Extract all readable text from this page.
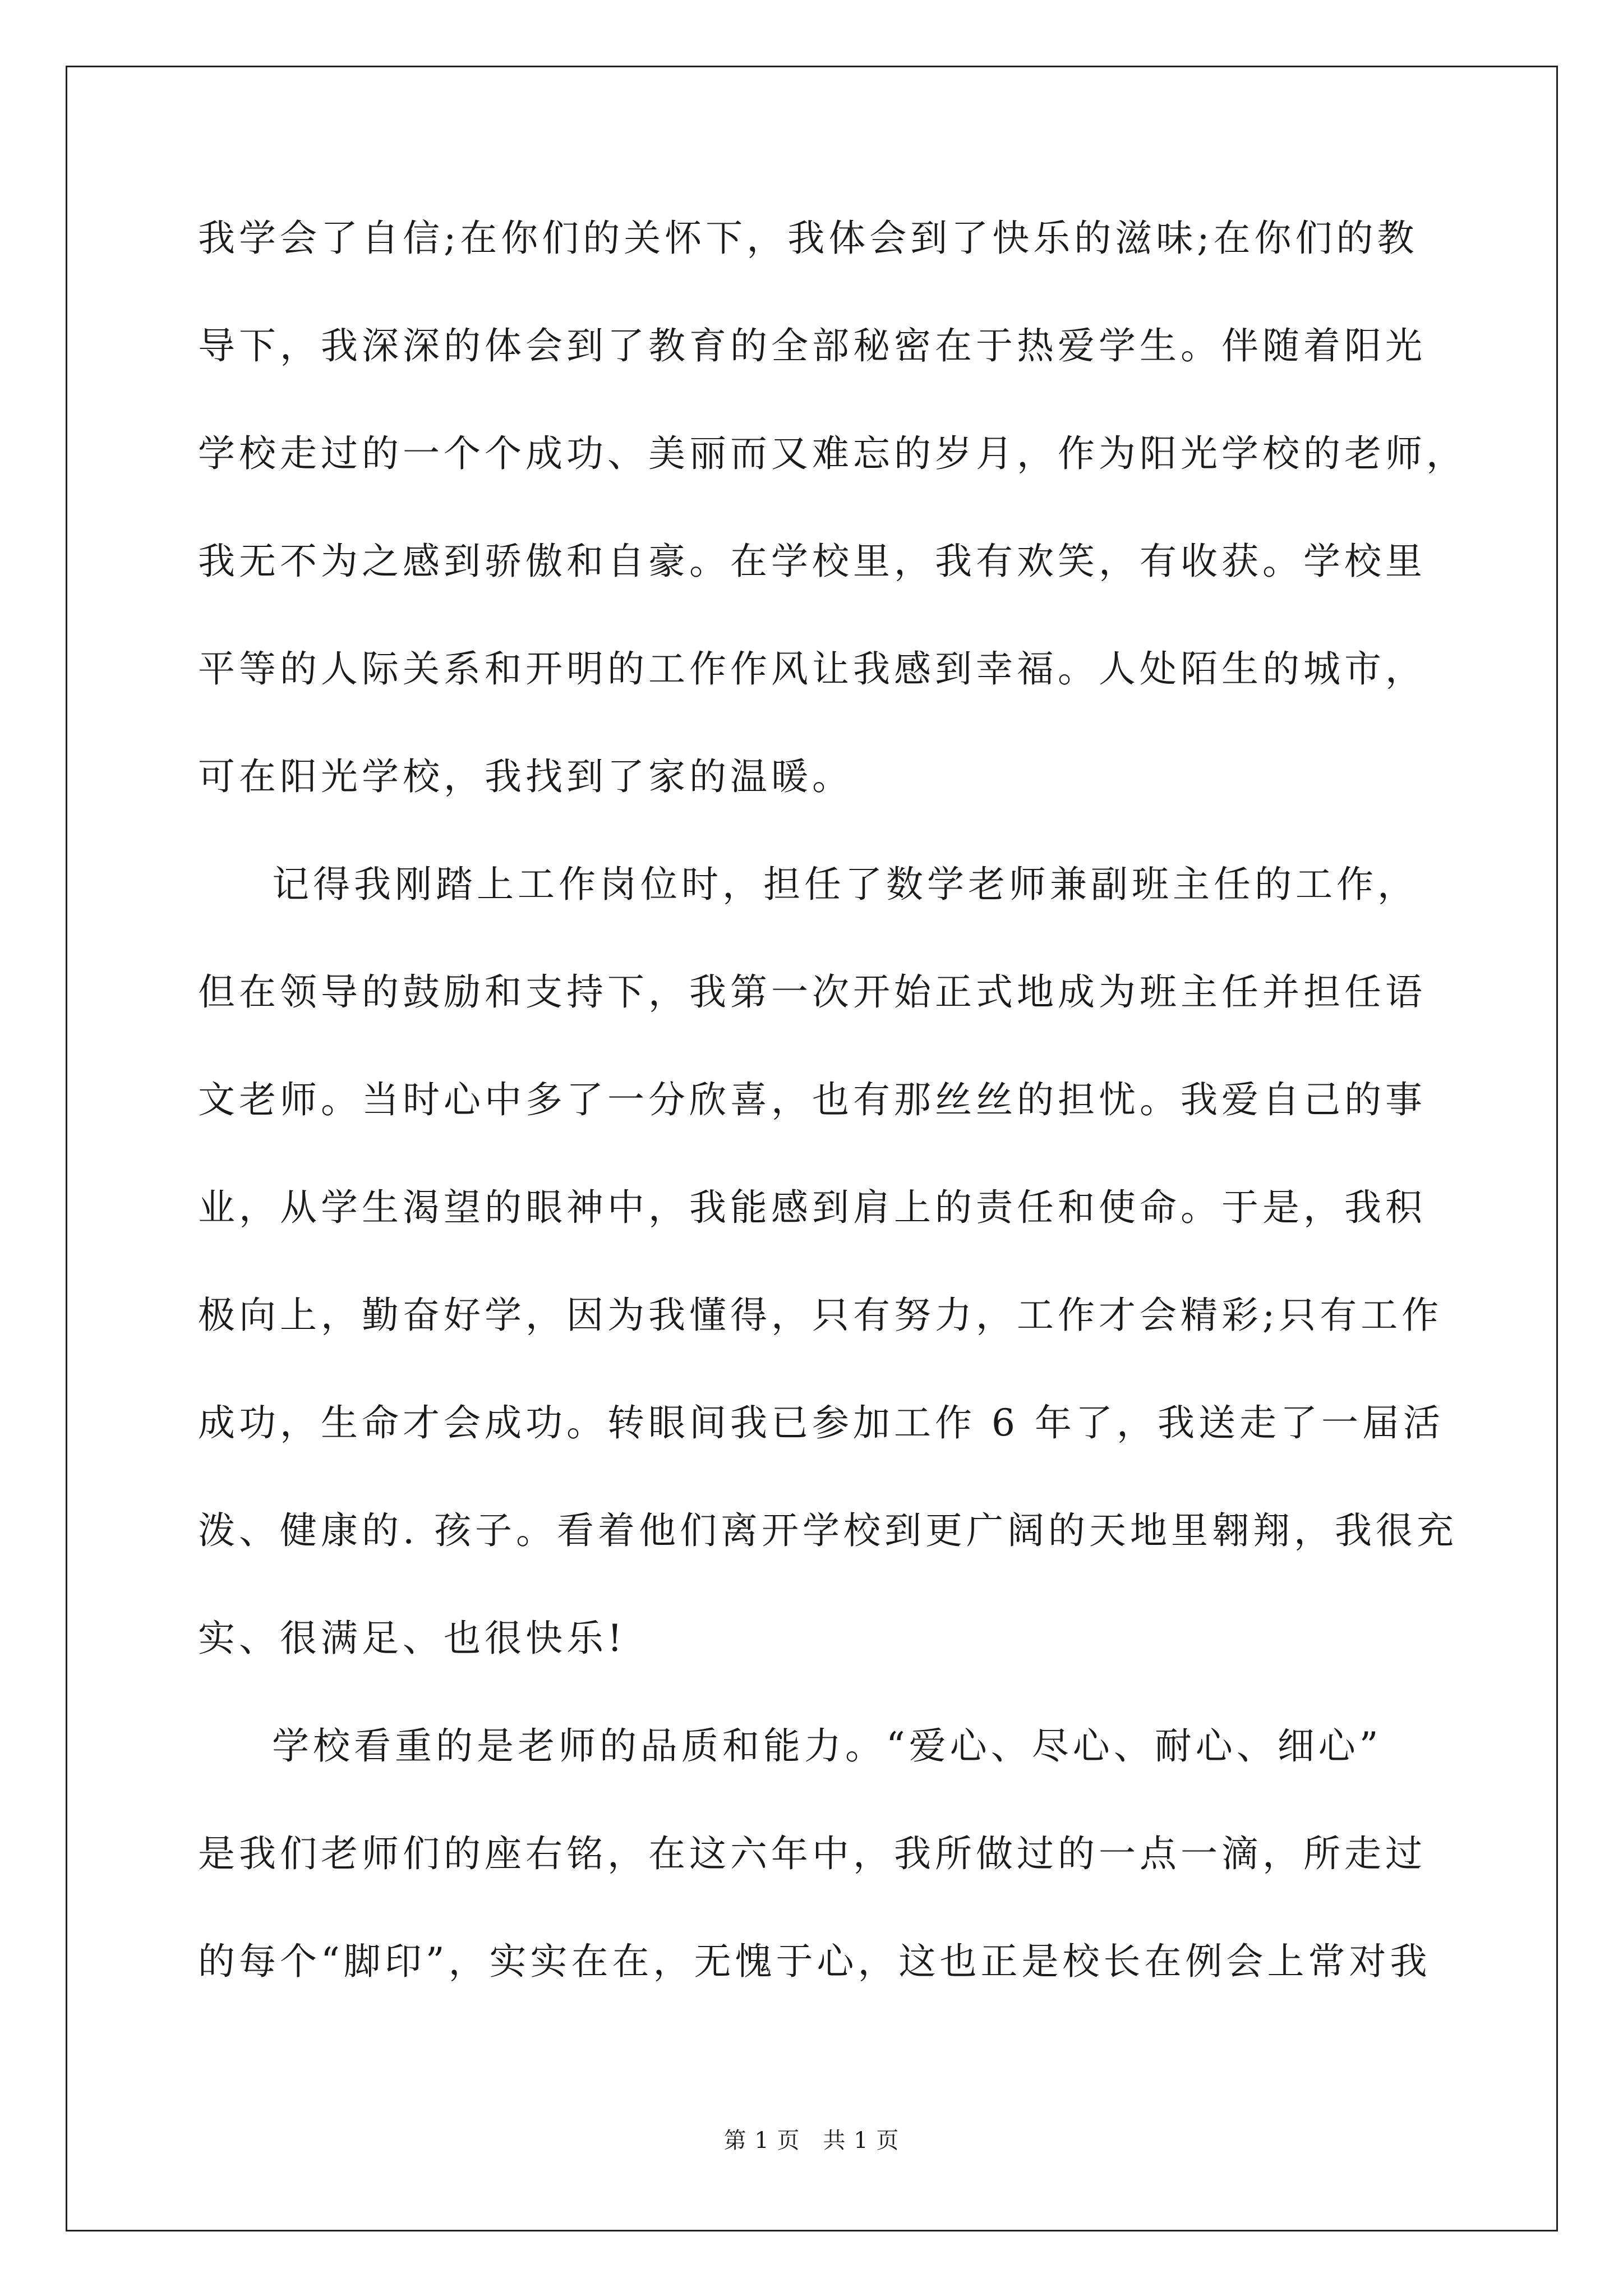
我学会了自信;在你们的关怀下，我体会到了快乐的滋味;在你们的教
导下，我深深的体会到了教育的全部秘密在于热爱学生。伴随着阳光
学校走过的一个个成功、美丽而又难忘的岁月，作为阳光学校的老师，
我无不为之感到骄傲和自豪。在学校里，我有欢笑，有收获。学校里
平等的人际关系和开明的工作作风让我感到幸福。人处陌生的城市，
可在阳光学校，我找到了家的温暖。
记得我刚踏上工作岗位时，担任了数学老师兼副班主任的工作，
但在领导的鼓励和支持下，我第一次开始正式地成为班主任并担任语
文老师。当时心中多了一分欣喜，也有那丝丝的担忧。我爱自己的事
业，从学生渴望的眼神中，我能感到肩上的责任和使命。于是，我积
极向上，勤奋好学，因为我懂得，只有努力，工作才会精彩;只有工作
成功，生命才会成功。转眼间我已参加工作 6 年了，我送走了一届活
泼、健康的. 孩子。看着他们离开学校到更广阔的天地里翱翔，我很充
实、很满足、也很快乐!
学校看重的是老师的品质和能力。“爱心、尽心、耐心、细心”
是我们老师们的座右铭，在这六年中，我所做过的一点一滴，所走过
的每个“脚印”，实实在在，无愧于心，这也正是校长在例会上常对我
第 1 页　共 1 页
